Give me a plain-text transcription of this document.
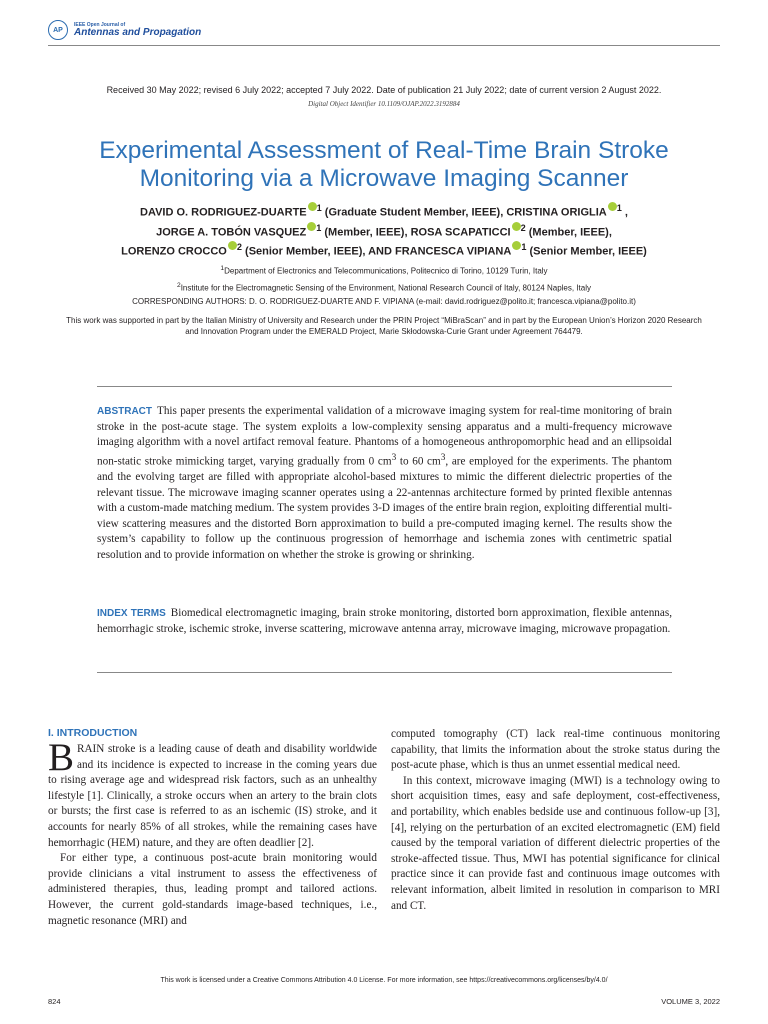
AP
IEEE Open Journal of
Antennas and Propagation
Received 30 May 2022; revised 6 July 2022; accepted 7 July 2022. Date of publication 21 July 2022; date of current version 2 August 2022.
Digital Object Identifier 10.1109/OJAP.2022.3192884
Experimental Assessment of Real-Time Brain Stroke
Monitoring via a Microwave Imaging Scanner
DAVID O. RODRIGUEZ-DUARTE $^1$ (Graduate Student Member, IEEE), CRISTINA ORIGLIA $^1$ ,
JORGE A. TOBÓN VASQUEZ $^1$ (Member, IEEE), ROSA SCAPATICCI $^2$ (Member, IEEE),
LORENZO CROCCO $^2$ (Senior Member, IEEE), AND FRANCESCA VIPIANA $^1$ (Senior Member, IEEE)
$^1$Department of Electronics and Telecommunications, Politecnico di Torino, 10129 Turin, Italy
$^2$Institute for the Electromagnetic Sensing of the Environment, National Research Council of Italy, 80124 Naples, Italy
CORRESPONDING AUTHORS: D. O. RODRIGUEZ-DUARTE AND F. VIPIANA (e-mail: david.rodriguez@polito.it; francesca.vipiana@polito.it)
This work was supported in part by the Italian Ministry of University and Research under the PRIN Project “MiBraScan” and in part by the European Union’s Horizon 2020 Research and Innovation Program under the EMERALD Project, Marie Skłodowska-Curie Grant under Agreement 764479.
ABSTRACT This paper presents the experimental validation of a microwave imaging system for real-time monitoring of brain stroke in the post-acute stage. The system exploits a low-complexity sensing apparatus and a multi-frequency microwave imaging algorithm with a novel artifact removal feature. Phantoms of a homogeneous anthropomorphic head and an ellipsoidal non-static stroke mimicking target, varying gradually from 0 $cm^3$ to 60 $cm^3$, are employed for the experiments. The phantom and the evolving target are filled with appropriate alcohol-based mixtures to mimic the different dielectric properties of the relevant tissue. The microwave imaging scanner operates using a 22-antennas architecture formed by printed flexible antennas with a custom-made matching medium. The system provides 3-D images of the entire brain region, exploiting differential multi-view scattering measures and the distorted Born approximation to build a pre-computed imaging kernel. The results show the system’s capability to follow up the continuous progression of hemorrhage and ischemia zones with centimetric spatial resolution and to provide information on whether the stroke is growing or shrinking.
INDEX TERMS Biomedical electromagnetic imaging, brain stroke monitoring, distorted born approximation, flexible antennas, hemorrhagic stroke, ischemic stroke, inverse scattering, microwave antenna array, microwave imaging, microwave propagation.
I. INTRODUCTION

BRAIN stroke is a leading cause of death and disability worldwide and its incidence is expected to increase in the coming years due to rising average age and widespread risk factors, such as an unhealthy lifestyle [1]. Clinically, a stroke occurs when an artery to the brain clots or bursts; the first case is referred to as an ischemic (IS) stroke, and it accounts for nearly 85% of all strokes, while the remaining cases have hemorrhagic (HEM) nature, and they are often deadlier [2].

For either type, a continuous post-acute brain monitoring would provide clinicians a vital instrument to assess the effectiveness of administered therapies, thus, leading prompt and tailored actions. However, the current gold-standards image-based techniques, i.e., magnetic resonance (MRI) and

computed tomography (CT) lack real-time continuous monitoring capability, that limits the information about the stroke status during the post-acute phase, which is thus an unmet essential medical need.

In this context, microwave imaging (MWI) is a technology owing to short acquisition times, easy and safe deployment, cost-effectiveness, and portability, which enables bedside use and continuous follow-up [3], [4], relying on the perturbation of an excited electromagnetic (EM) field caused by the temporal variation of different dielectric properties of the stroke-affected tissue. Thus, MWI has potential significance for clinical practice since it can provide fast and continuous image outcomes with relevant information, albeit limited in resolution in comparison to MRI and CT.

This work is licensed under a Creative Commons Attribution 4.0 License. For more information, see https://creativecommons.org/licenses/by/4.0/
824	VOLUME 3, 2022
